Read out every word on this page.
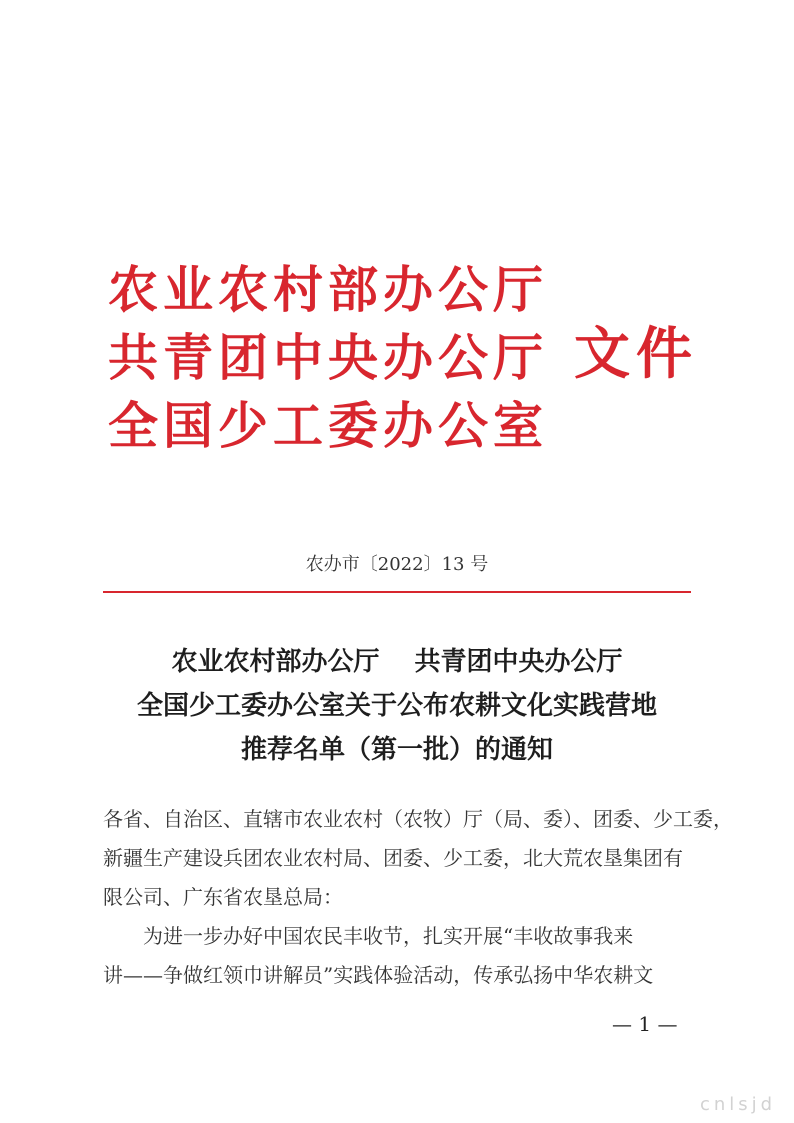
农业农村部办公厅
共青团中央办公厅
全国少工委办公室
文件
农办市〔2022〕13 号
农业农村部办公厅　 共青团中央办公厅
全国少工委办公室关于公布农耕文化实践营地
推荐名单（第一批）的通知
各省、自治区、直辖市农业农村（农牧）厅（局、委）、团委、少工委，
新疆生产建设兵团农业农村局、团委、少工委，北大荒农垦集团有
限公司、广东省农垦总局：
为进一步办好中国农民丰收节，扎实开展“丰收故事我来
讲——争做红领巾讲解员”实践体验活动，传承弘扬中华农耕文
— 1 —
cnlsjd
